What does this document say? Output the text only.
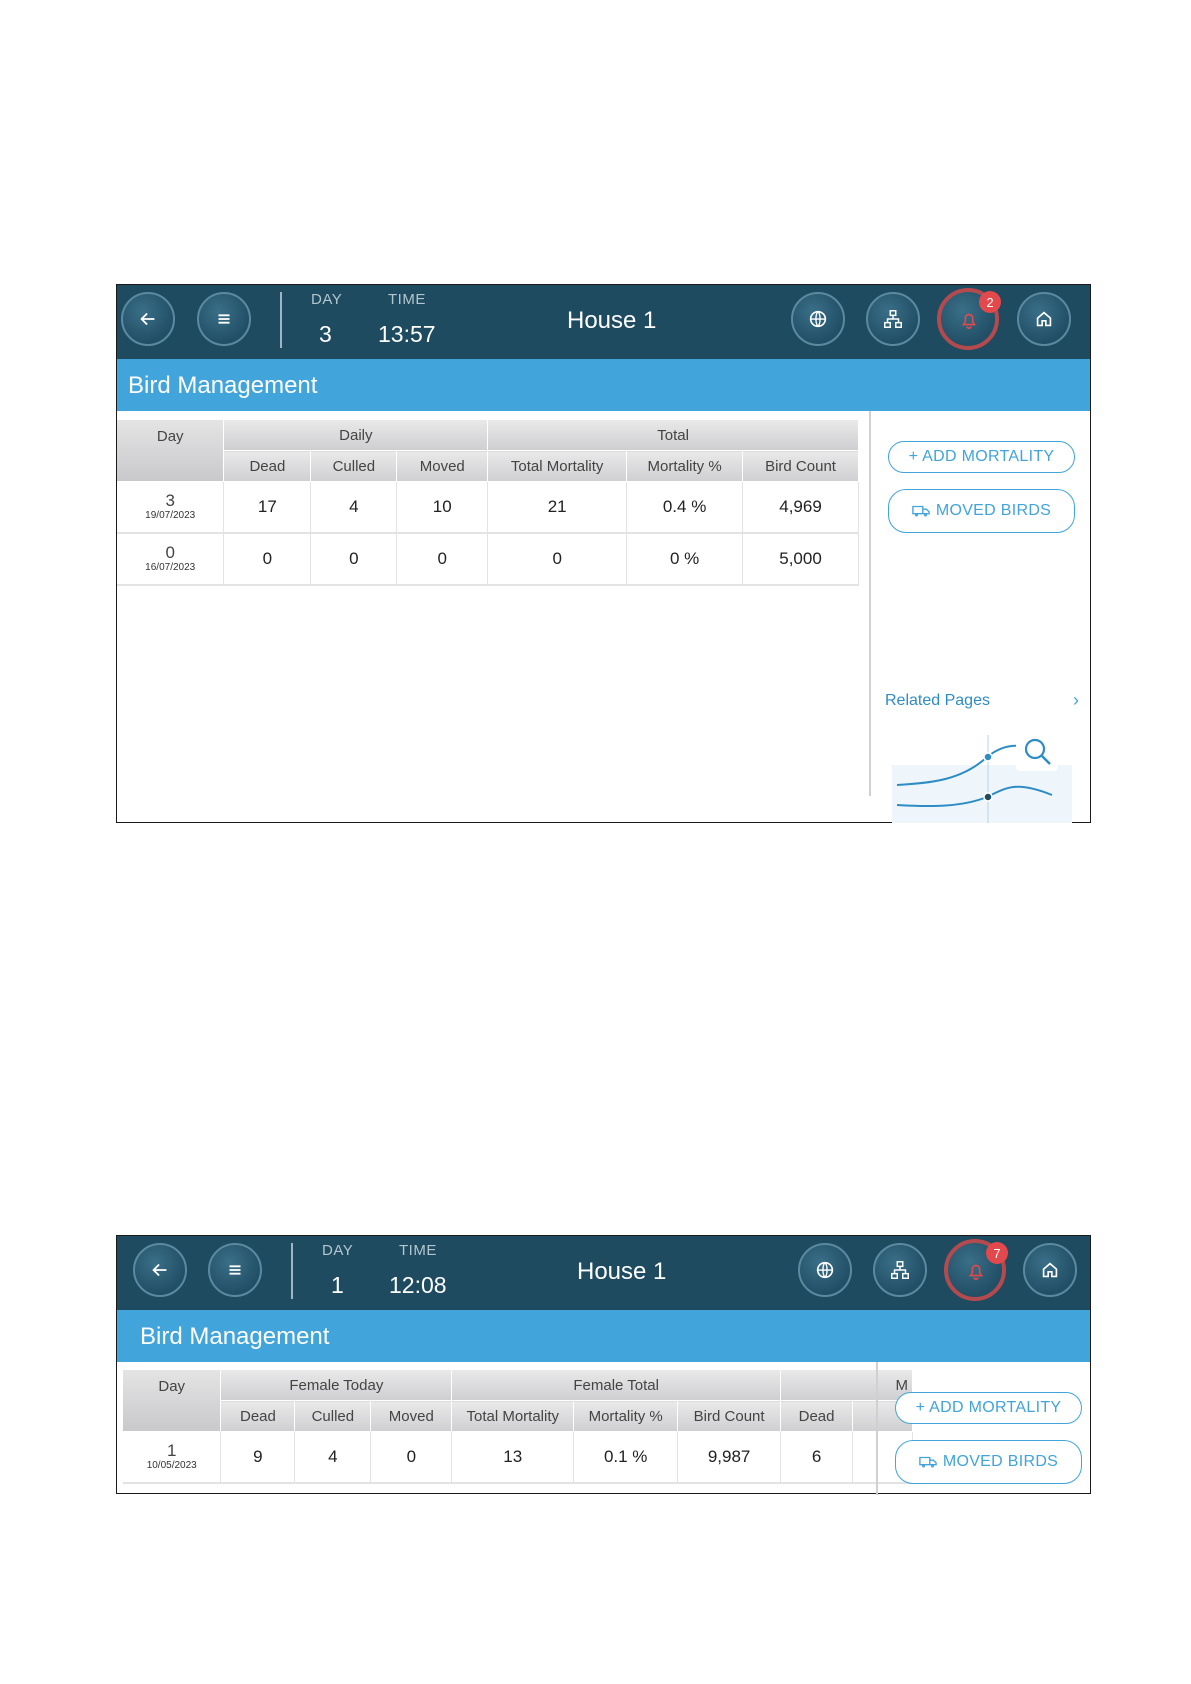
DAY
3
TIME
13:57	House 1
2
Bird Management
Day	Daily			Total		
	Dead	Culled	Moved	Total Mortality	Mortality %	Bird Count

3
19/07/2023	17	4	10	21	0.4 %	4,969

0
16/07/2023	0	0	0	0	0 %	5,000
+ ADD MORTALITY
MOVED BIRDS
Related Pages	›
DAY
1
TIME
12:08	House 1
7
Bird Management
Day	Female Today			Female Total			M	
	Dead	Culled	Moved	Total Mortality	Mortality %	Bird Count	Dead	

1
10/05/2023	9	4	0	13	0.1 %	9,987	6	
+ ADD MORTALITY
MOVED BIRDS
